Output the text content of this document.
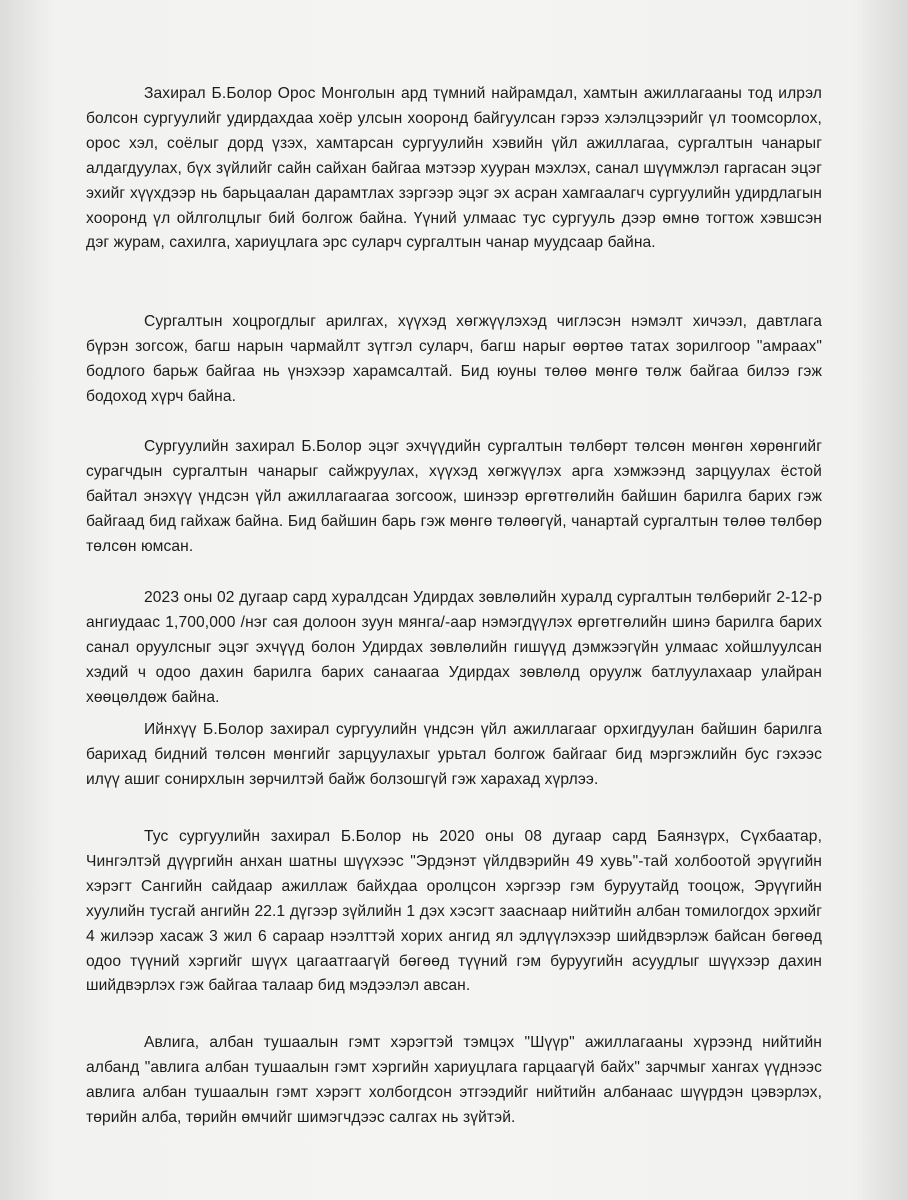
Захирал Б.Болор Орос Монголын ард түмний найрамдал, хамтын ажиллагааны тод илрэл болсон сургуулийг удирдахдаа хоёр улсын хооронд байгуулсан гэрээ хэлэлцээрийг үл тоомсорлох, орос хэл, соёлыг дорд үзэх, хамтарсан сургуулийн хэвийн үйл ажиллагаа, сургалтын чанарыг алдагдуулах, бүх зүйлийг сайн сайхан байгаа мэтээр хууран мэхлэх, санал шүүмжлэл гаргасан эцэг эхийг хүүхдээр нь барьцаалан дарамтлах зэргээр эцэг эх асран хамгаалагч сургуулийн удирдлагын хооронд үл ойлголцлыг бий болгож байна. Үүний улмаас тус сургууль дээр өмнө тогтож хэвшсэн дэг журам, сахилга, хариуцлага эрс суларч сургалтын чанар муудсаар байна.

Сургалтын хоцрогдлыг арилгах, хүүхэд хөгжүүлэхэд чиглэсэн нэмэлт хичээл, давтлага бүрэн зогсож, багш нарын чармайлт зүтгэл суларч, багш нарыг өөртөө татах зорилгоор "амраах" бодлого барьж байгаа нь үнэхээр харамсалтай. Бид юуны төлөө мөнгө төлж байгаа билээ гэж бодоход хүрч байна.

Сургуулийн захирал Б.Болор эцэг эхчүүдийн сургалтын төлбөрт төлсөн мөнгөн хөрөнгийг сурагчдын сургалтын чанарыг сайжруулах, хүүхэд хөгжүүлэх арга хэмжээнд зарцуулах ёстой байтал энэхүү үндсэн үйл ажиллагаагаа зогсоож, шинээр өргөтгөлийн байшин барилга барих гэж байгаад бид гайхаж байна. Бид байшин барь гэж мөнгө төлөөгүй, чанартай сургалтын төлөө төлбөр төлсөн юмсан.

2023 оны 02 дугаар сард хуралдсан Удирдах зөвлөлийн хуралд сургалтын төлбөрийг 2-12-р ангиудаас 1,700,000 /нэг сая долоон зуун мянга/-аар нэмэгдүүлэх өргөтгөлийн шинэ барилга барих санал оруулсныг эцэг эхчүүд болон Удирдах зөвлөлийн гишүүд дэмжээгүйн улмаас хойшлуулсан хэдий ч одоо дахин барилга барих санаагаа Удирдах зөвлөлд оруулж батлуулахаар улайран хөөцөлдөж байна.

Ийнхүү Б.Болор захирал сургуулийн үндсэн үйл ажиллагааг орхигдуулан байшин барилга барихад бидний төлсөн мөнгийг зарцуулахыг урьтал болгож байгааг бид мэргэжлийн бус гэхээс илүү ашиг сонирхлын зөрчилтэй байж болзошгүй гэж харахад хүрлээ.

Тус сургуулийн захирал Б.Болор нь 2020 оны 08 дугаар сард Баянзүрх, Сүхбаатар, Чингэлтэй дүүргийн анхан шатны шүүхээс "Эрдэнэт үйлдвэрийн 49 хувь"-тай холбоотой эрүүгийн хэрэгт Сангийн сайдаар ажиллаж байхдаа оролцсон хэргээр гэм буруутайд тооцож, Эрүүгийн хуулийн тусгай ангийн 22.1 дүгээр зүйлийн 1 дэх хэсэгт зааснаар нийтийн албан томилогдох эрхийг 4 жилээр хасаж 3 жил 6 сараар нээлттэй хорих ангид ял эдлүүлэхээр шийдвэрлэж байсан бөгөөд одоо түүний хэргийг шүүх цагаатгаагүй бөгөөд түүний гэм буруугийн асуудлыг шүүхээр дахин шийдвэрлэх гэж байгаа талаар бид мэдээлэл авсан.

Авлига, албан тушаалын гэмт хэрэгтэй тэмцэх "Шүүр" ажиллагааны хүрээнд нийтийн албанд "авлига албан тушаалын гэмт хэргийн хариуцлага гарцаагүй байх" зарчмыг хангах үүднээс авлига албан тушаалын гэмт хэрэгт холбогдсон этгээдийг нийтийн албанаас шүүрдэн цэвэрлэх, төрийн алба, төрийн өмчийг шимэгчдээс салгах нь зүйтэй.
